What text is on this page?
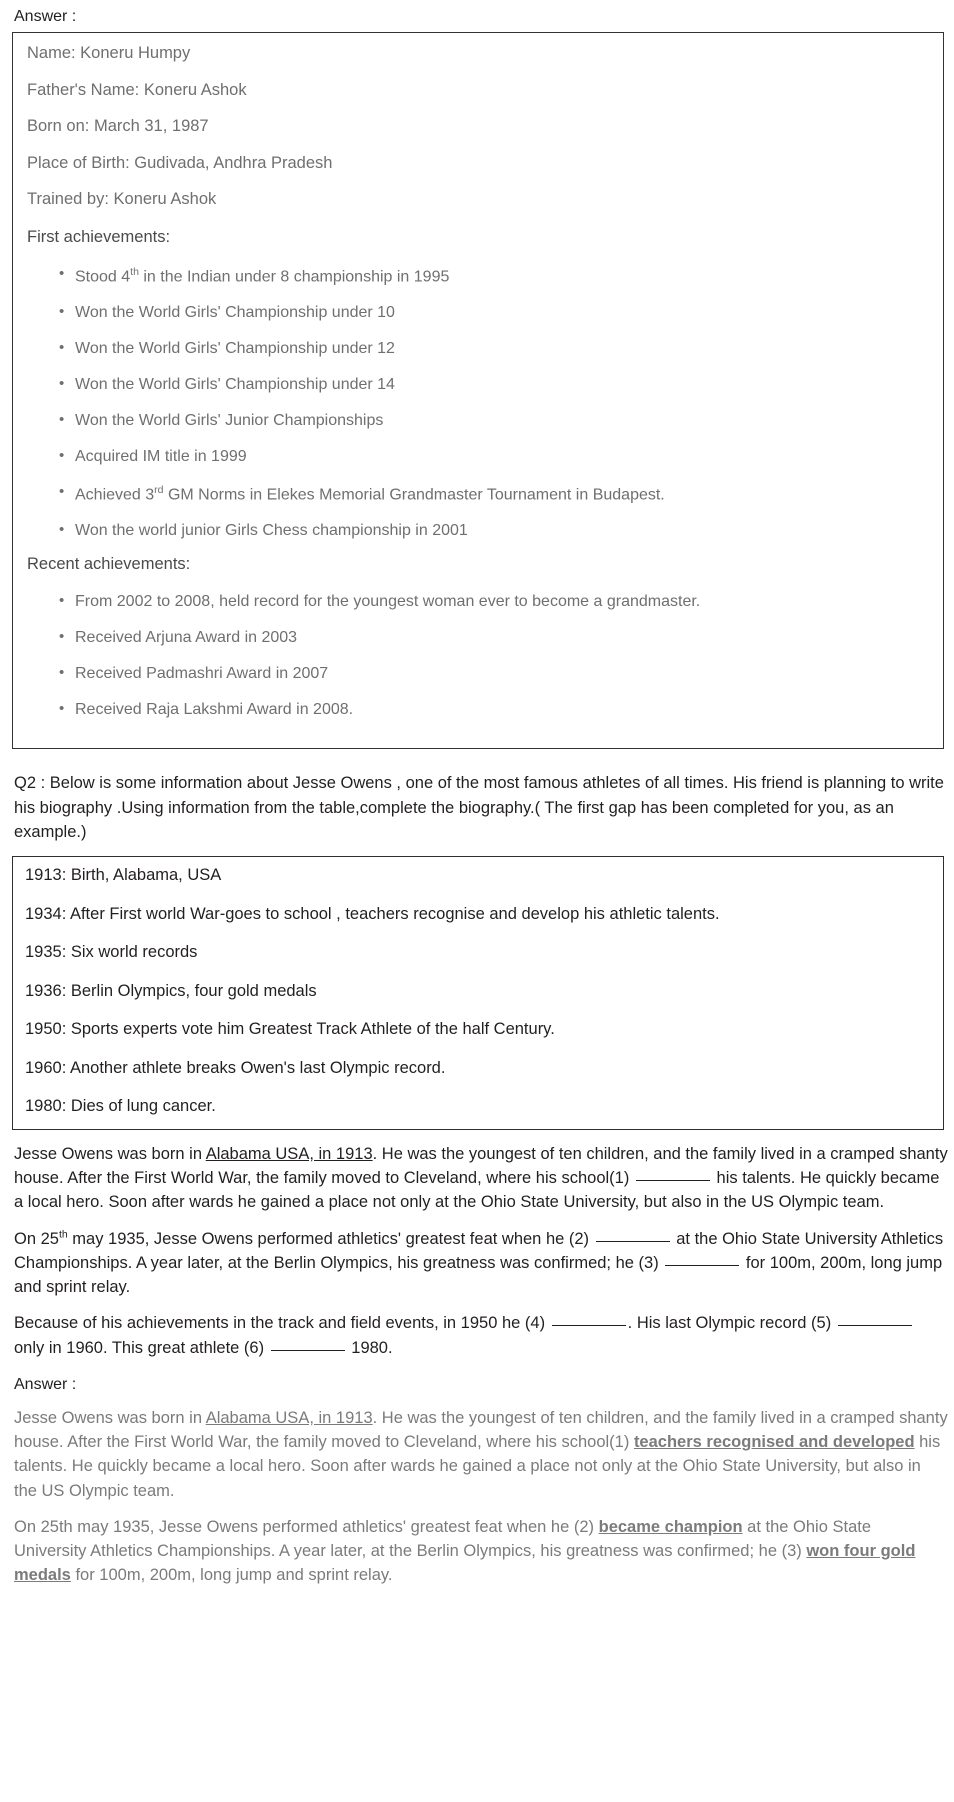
Answer :
Name: Koneru Humpy
Father's Name: Koneru Ashok
Born on: March 31, 1987
Place of Birth: Gudivada, Andhra Pradesh
Trained by: Koneru Ashok
First achievements:
• Stood 4th in the Indian under 8 championship in 1995
• Won the World Girls' Championship under 10
• Won the World Girls' Championship under 12
• Won the World Girls' Championship under 14
• Won the World Girls' Junior Championships
• Acquired IM title in 1999
• Achieved 3rd GM Norms in Elekes Memorial Grandmaster Tournament in Budapest.
• Won the world junior Girls Chess championship in 2001
Recent achievements:
• From 2002 to 2008, held record for the youngest woman ever to become a grandmaster.
• Received Arjuna Award in 2003
• Received Padmashri Award in 2007
• Received Raja Lakshmi Award in 2008.
Q2 : Below is some information about Jesse Owens , one of the most famous athletes of all times. His friend is planning to write his biography .Using information from the table,complete the biography.( The first gap has been completed for you, as an example.)
1913: Birth, Alabama, USA
1934: After First world War-goes to school , teachers recognise and develop his athletic talents.
1935: Six world records
1936: Berlin Olympics, four gold medals
1950: Sports experts vote him Greatest Track Athlete of the half Century.
1960: Another athlete breaks Owen's last Olympic record.
1980: Dies of lung cancer.
Jesse Owens was born in Alabama USA, in 1913. He was the youngest of ten children, and the family lived in a cramped shanty house. After the First World War, the family moved to Cleveland, where his school(1)	his talents. He quickly became a local hero. Soon after wards he gained a place not only at the Ohio State University, but also in the US Olympic team.
On 25th may 1935, Jesse Owens performed athletics' greatest feat when he (2)	at the Ohio State University Athletics Championships. A year later, at the Berlin Olympics, his greatness was confirmed; he (3)	for 100m, 200m, long jump and sprint relay.
Because of his achievements in the track and field events, in 1950 he (4)	. His last Olympic record (5)  only in 1960. This great athlete (6)	1980.
Answer :
Jesse Owens was born in Alabama USA, in 1913. He was the youngest of ten children, and the family lived in a cramped shanty house. After the First World War, the family moved to Cleveland, where his school(1) teachers recognised and developed his talents. He quickly became a local hero. Soon after wards he gained a place not only at the Ohio State University, but also in the US Olympic team.
On 25th may 1935, Jesse Owens performed athletics' greatest feat when he (2) became champion at the Ohio State University Athletics Championships. A year later, at the Berlin Olympics, his greatness was confirmed; he (3) won four gold medals for 100m, 200m, long jump and sprint relay.
